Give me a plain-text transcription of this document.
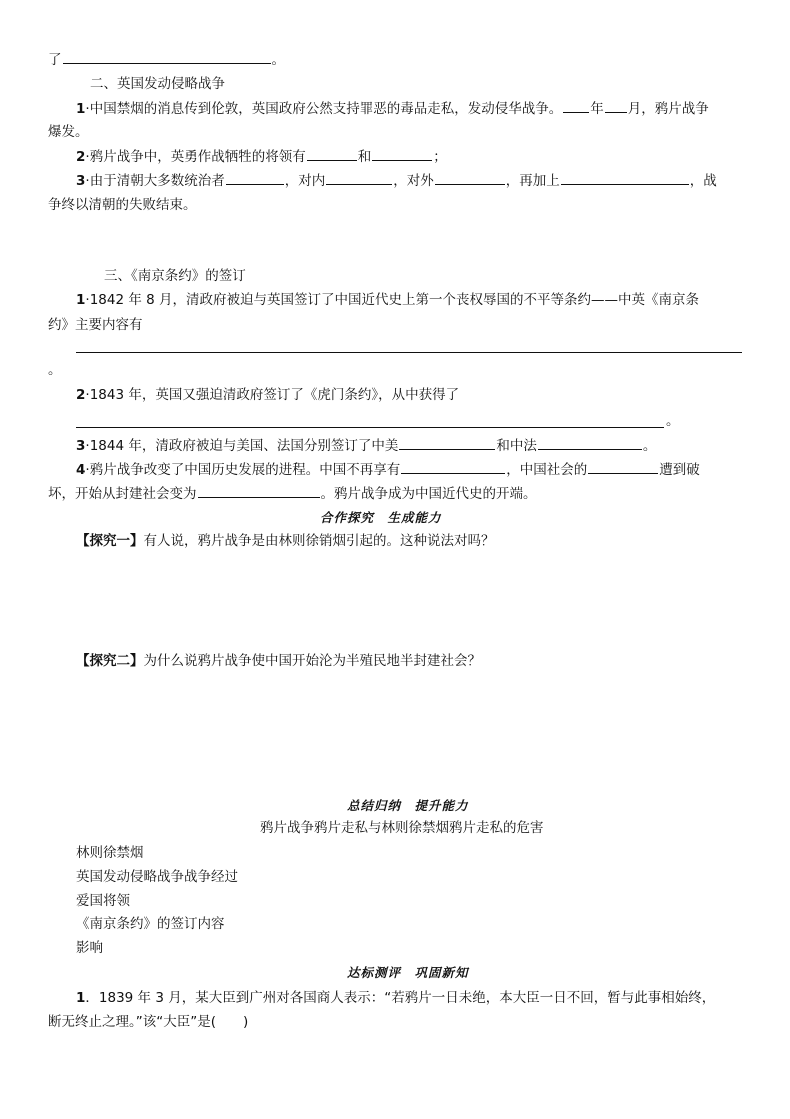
了	。
二、英国发动侵略战争
1·中国禁烟的消息传到伦敦，英国政府公然支持罪恶的毒品走私，发动侵华战争。 年 月，鸦片战争
爆发。
2·鸦片战争中，英勇作战牺牲的将领有	和	；
3·由于清朝大多数统治者	，对内	，对外	，再加上	，战
争终以清朝的失败结束。
三、《南京条约》的签订
1·1842 年 8 月，清政府被迫与英国签订了中国近代史上第一个丧权辱国的不平等条约——中英《南京条
约》主要内容有
。
2·1843 年，英国又强迫清政府签订了《虎门条约》，从中获得了
。
3·1844 年，清政府被迫与美国、法国分别签订了中美	和中法	。
4·鸦片战争改变了中国历史发展的进程。中国不再享有	，中国社会的	遭到破
坏，开始从封建社会变为	。鸦片战争成为中国近代史的开端。
合作探究　生成能力
【探究一】有人说，鸦片战争是由林则徐销烟引起的。这种说法对吗？
【探究二】为什么说鸦片战争使中国开始沦为半殖民地半封建社会？
总结归纳　提升能力
鸦片战争鸦片走私与林则徐禁烟鸦片走私的危害
林则徐禁烟
英国发动侵略战争战争经过
爱国将领
《南京条约》的签订内容
影响
达标测评　巩固新知
1．1839 年 3 月，某大臣到广州对各国商人表示：“若鸦片一日未绝，本大臣一日不回，暂与此事相始终，
断无终止之理。”该“大臣”是(　　)
